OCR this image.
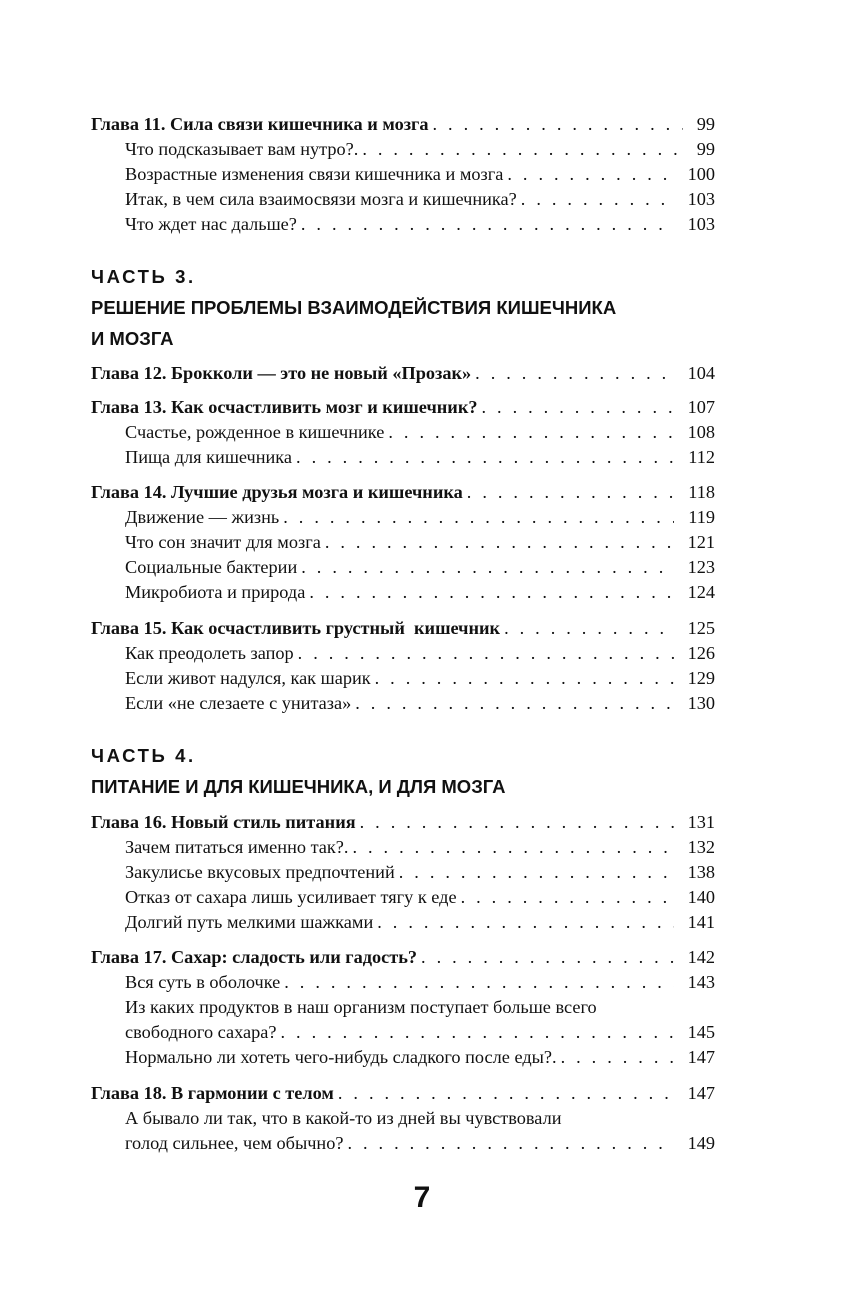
Глава 11. Сила связи кишечника и мозга . . .	99
Что подсказывает вам нутро?. . . .	99
Возрастные изменения связи кишечника и мозга . . .	100
Итак, в чем сила взаимосвязи мозга и кишечника? . . .	103
Что ждет нас дальше? . . .	103
ЧАСТЬ 3.
РЕШЕНИЕ ПРОБЛЕМЫ ВЗАИМОДЕЙСТВИЯ КИШЕЧНИКА
И МОЗГА
Глава 12. Брокколи — это не новый «Прозак» . . .	104
Глава 13. Как осчастливить мозг и кишечник? . . .	107
Счастье, рожденное в кишечнике . . .	108
Пища для кишечника . . .	112
Глава 14. Лучшие друзья мозга и кишечника . . .	118
Движение — жизнь . . .	119
Что сон значит для мозга . . .	121
Социальные бактерии . . .	123
Микробиота и природа . . .	124
Глава 15. Как осчастливить грустный  кишечник . . .	125
Как преодолеть запор . . .	126
Если живот надулся, как шарик . . .	129
Если «не слезаете с унитаза» . . .	130
ЧАСТЬ 4.
ПИТАНИЕ И ДЛЯ КИШЕЧНИКА, И ДЛЯ МОЗГА
Глава 16. Новый стиль питания . . .	131
Зачем питаться именно так?. . . .	132
Закулисье вкусовых предпочтений . . .	138
Отказ от сахара лишь усиливает тягу к еде . . .	140
Долгий путь мелкими шажками . . .	141
Глава 17. Сахар: сладость или гадость? . . .	142
Вся суть в оболочке . . .	143
Из каких продуктов в наш организм поступает больше всего
свободного сахара? . . .	145
Нормально ли хотеть чего-нибудь сладкого после еды?. . . .	147
Глава 18. В гармонии с телом . . .	147
А бывало ли так, что в какой-то из дней вы чувствовали
голод сильнее, чем обычно? . . .	149
7
